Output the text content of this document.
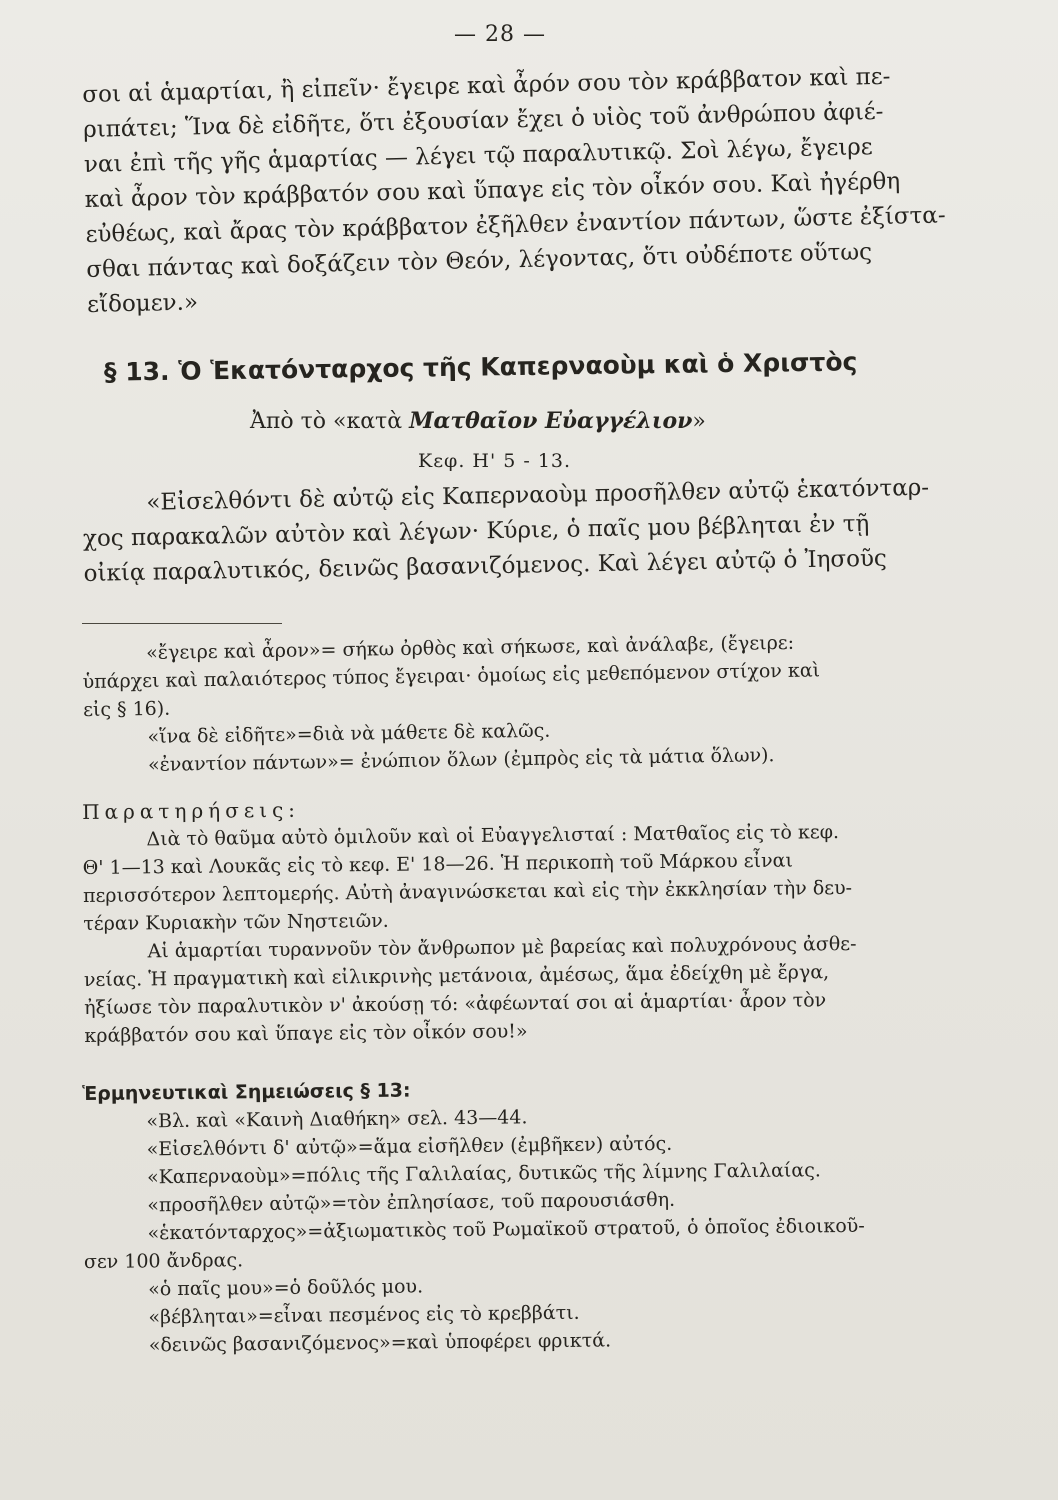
— 28 —
σοι αἱ ἁμαρτίαι, ἢ εἰπεῖν· ἔγειρε καὶ ἆρόν σου τὸν κράββατον καὶ πε-
ριπάτει; Ἵνα δὲ εἰδῆτε, ὅτι ἐξουσίαν ἔχει ὁ υἱὸς τοῦ ἀνθρώπου ἀφιέ-
ναι ἐπὶ τῆς γῆς ἁμαρτίας — λέγει τῷ παραλυτικῷ. Σοὶ λέγω, ἔγειρε
καὶ ἆρον τὸν κράββατόν σου καὶ ὕπαγε εἰς τὸν οἶκόν σου. Καὶ ἠγέρθη
εὐθέως, καὶ ἄρας τὸν κράββατον ἐξῆλθεν ἐναντίον πάντων, ὥστε ἐξίστα-
σθαι πάντας καὶ δοξάζειν τὸν Θεόν, λέγοντας, ὅτι οὐδέποτε οὕτως
εἴδομεν.»
§ 13. Ὁ Ἑκατόνταρχος τῆς Καπερναοὺμ καὶ ὁ Χριστὸς
Ἀπὸ τὸ «κατὰ Ματθαῖον Εὐαγγέλιον»
Κεφ. Η' 5 - 13.
«Εἰσελθόντι δὲ αὐτῷ εἰς Καπερναοὺμ προσῆλθεν αὐτῷ ἑκατόνταρ-
χος παρακαλῶν αὐτὸν καὶ λέγων· Κύριε, ὁ παῖς μου βέβληται ἐν τῇ
οἰκίᾳ παραλυτικός, δεινῶς βασανιζόμενος. Καὶ λέγει αὐτῷ ὁ Ἰησοῦς
«ἔγειρε καὶ ἆρον»= σήκω ὀρθὸς καὶ σήκωσε, καὶ ἀνάλαβε, (ἔγειρε:
ὑπάρχει καὶ παλαιότερος τύπος ἔγειραι· ὁμοίως εἰς μεθεπόμενον στίχον καὶ
εἰς § 16).
«ἵνα δὲ εἰδῆτε»=διὰ νὰ μάθετε δὲ καλῶς.
«ἐναντίον πάντων»= ἐνώπιον ὅλων (ἐμπρὸς εἰς τὰ μάτια ὅλων).
Παρατηρήσεις:
Διὰ τὸ θαῦμα αὐτὸ ὁμιλοῦν καὶ οἱ Εὐαγγελισταί : Ματθαῖος εἰς τὸ κεφ.
Θ' 1—13 καὶ Λουκᾶς εἰς τὸ κεφ. Ε' 18—26. Ἡ περικοπὴ τοῦ Μάρκου εἶναι
περισσότερον λεπτομερής. Αὐτὴ ἀναγινώσκεται καὶ εἰς τὴν ἐκκλησίαν τὴν δευ-
τέραν Κυριακὴν τῶν Νηστειῶν.
Αἱ ἁμαρτίαι τυραννοῦν τὸν ἄνθρωπον μὲ βαρείας καὶ πολυχρόνους ἀσθε-
νείας. Ἡ πραγματικὴ καὶ εἰλικρινὴς μετάνοια, ἀμέσως, ἅμα ἐδείχθη μὲ ἔργα,
ἠξίωσε τὸν παραλυτικὸν ν' ἀκούσῃ τό: «ἀφέωνταί σοι αἱ ἁμαρτίαι· ἆρον τὸν
κράββατόν σου καὶ ὕπαγε εἰς τὸν οἶκόν σου!»
Ἑρμηνευτικαὶ Σημειώσεις § 13:
«Βλ. καὶ «Καινὴ Διαθήκη» σελ. 43—44.
«Εἰσελθόντι δ' αὐτῷ»=ἅμα εἰσῆλθεν (ἐμβῆκεν) αὐτός.
«Καπερναοὺμ»=πόλις τῆς Γαλιλαίας, δυτικῶς τῆς λίμνης Γαλιλαίας.
«προσῆλθεν αὐτῷ»=τὸν ἐπλησίασε, τοῦ παρουσιάσθη.
«ἑκατόνταρχος»=ἀξιωματικὸς τοῦ Ρωμαϊκοῦ στρατοῦ, ὁ ὁποῖος ἐδιοικοῦ-
σεν 100 ἄνδρας.
«ὁ παῖς μου»=ὁ δοῦλός μου.
«βέβληται»=εἶναι πεσμένος εἰς τὸ κρεββάτι.
«δεινῶς βασανιζόμενος»=καὶ ὑποφέρει φρικτά.
